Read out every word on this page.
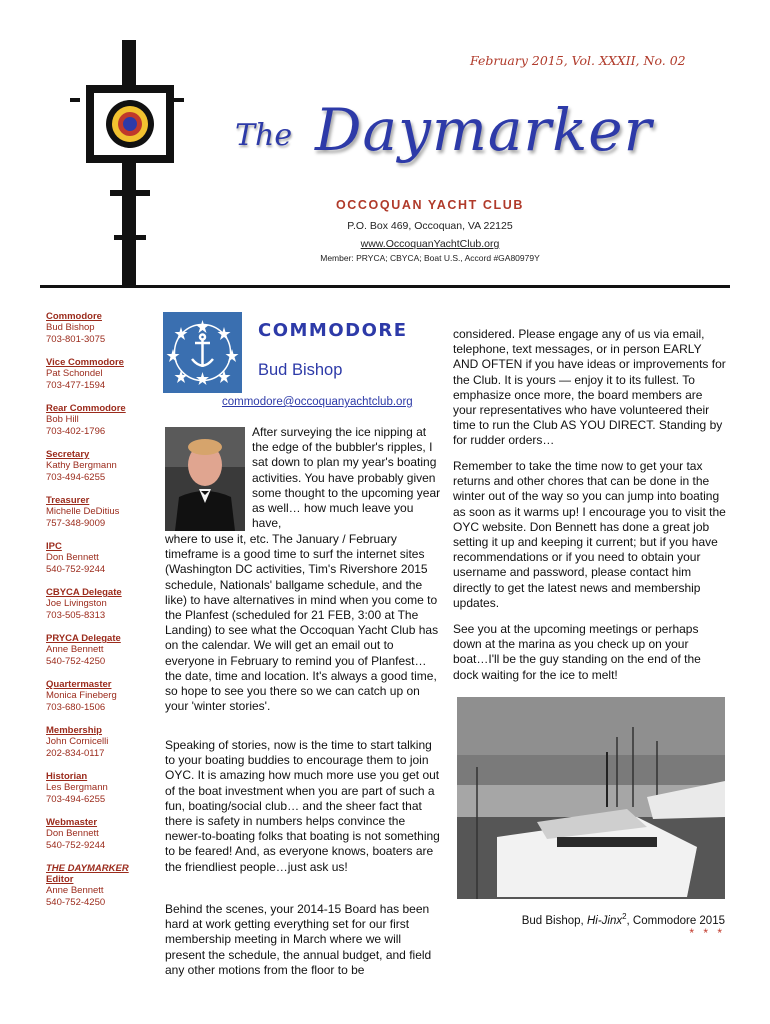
February 2015, Vol. XXXII, No. 02
The Daymarker
OCCOQUAN YACHT CLUB
P.O. Box 469, Occoquan, VA 22125
www.OccoquanYachtClub.org
Member: PRYCA; CBYCA; Boat U.S., Accord #GA80979Y
Commodore
Bud Bishop
703-801-3075
Vice Commodore
Pat Schondel
703-477-1594
Rear Commodore
Bob Hill
703-402-1796
Secretary
Kathy Bergmann
703-494-6255
Treasurer
Michelle DeDitius
757-348-9009
IPC
Don Bennett
540-752-9244
CBYCA Delegate
Joe Livingston
703-505-8313
PRYCA Delegate
Anne Bennett
540-752-4250
Quartermaster
Monica Fineberg
703-680-1506
Membership
John Cornicelli
202-834-0117
Historian
Les Bergmann
703-494-6255
Webmaster
Don Bennett
540-752-9244
THE DAYMARKER
Editor
Anne Bennett
540-752-4250
COMMODORE
Bud Bishop
commodore@occoquanyachtclub.org
After surveying the ice nipping at the edge of the bubbler's ripples, I sat down to plan my year's boating activities. You have probably given some thought to the upcoming year as well… how much leave you have,
where to use it, etc. The January / February timeframe is a good time to surf the internet sites (Washington DC activities, Tim's Rivershore 2015 schedule, Nationals' ballgame schedule, and the like) to have alternatives in mind when you come to the Planfest (scheduled for 21 FEB, 3:00 at The Landing) to see what the Occoquan Yacht Club has on the calendar. We will get an email out to everyone in February to remind you of Planfest… the date, time and location. It's always a good time, so hope to see you there so we can catch up on your 'winter stories'.
Speaking of stories, now is the time to start talking to your boating buddies to encourage them to join OYC. It is amazing how much more use you get out of the boat investment when you are part of such a fun, boating/social club… and the sheer fact that there is safety in numbers helps convince the newer-to-boating folks that boating is not something to be feared! And, as everyone knows, boaters are the friendliest people…just ask us!
Behind the scenes, your 2014-15 Board has been hard at work getting everything set for our first membership meeting in March where we will present the schedule, the annual budget, and field any other motions from the floor to be
considered. Please engage any of us via email, telephone, text messages, or in person EARLY AND OFTEN if you have ideas or improvements for the Club. It is yours — enjoy it to its fullest. To emphasize once more, the board members are your representatives who have volunteered their time to run the Club AS YOU DIRECT. Standing by for rudder orders…
Remember to take the time now to get your tax returns and other chores that can be done in the winter out of the way so you can jump into boating as soon as it warms up! I encourage you to visit the OYC website. Don Bennett has done a great job setting it up and keeping it current; but if you have recommendations or if you need to obtain your username and password, please contact him directly to get the latest news and membership updates.
See you at the upcoming meetings or perhaps down at the marina as you check up on your boat…I'll be the guy standing on the end of the dock waiting for the ice to melt!
Bud Bishop, Hi-Jinx$^2$, Commodore 2015
* * *
